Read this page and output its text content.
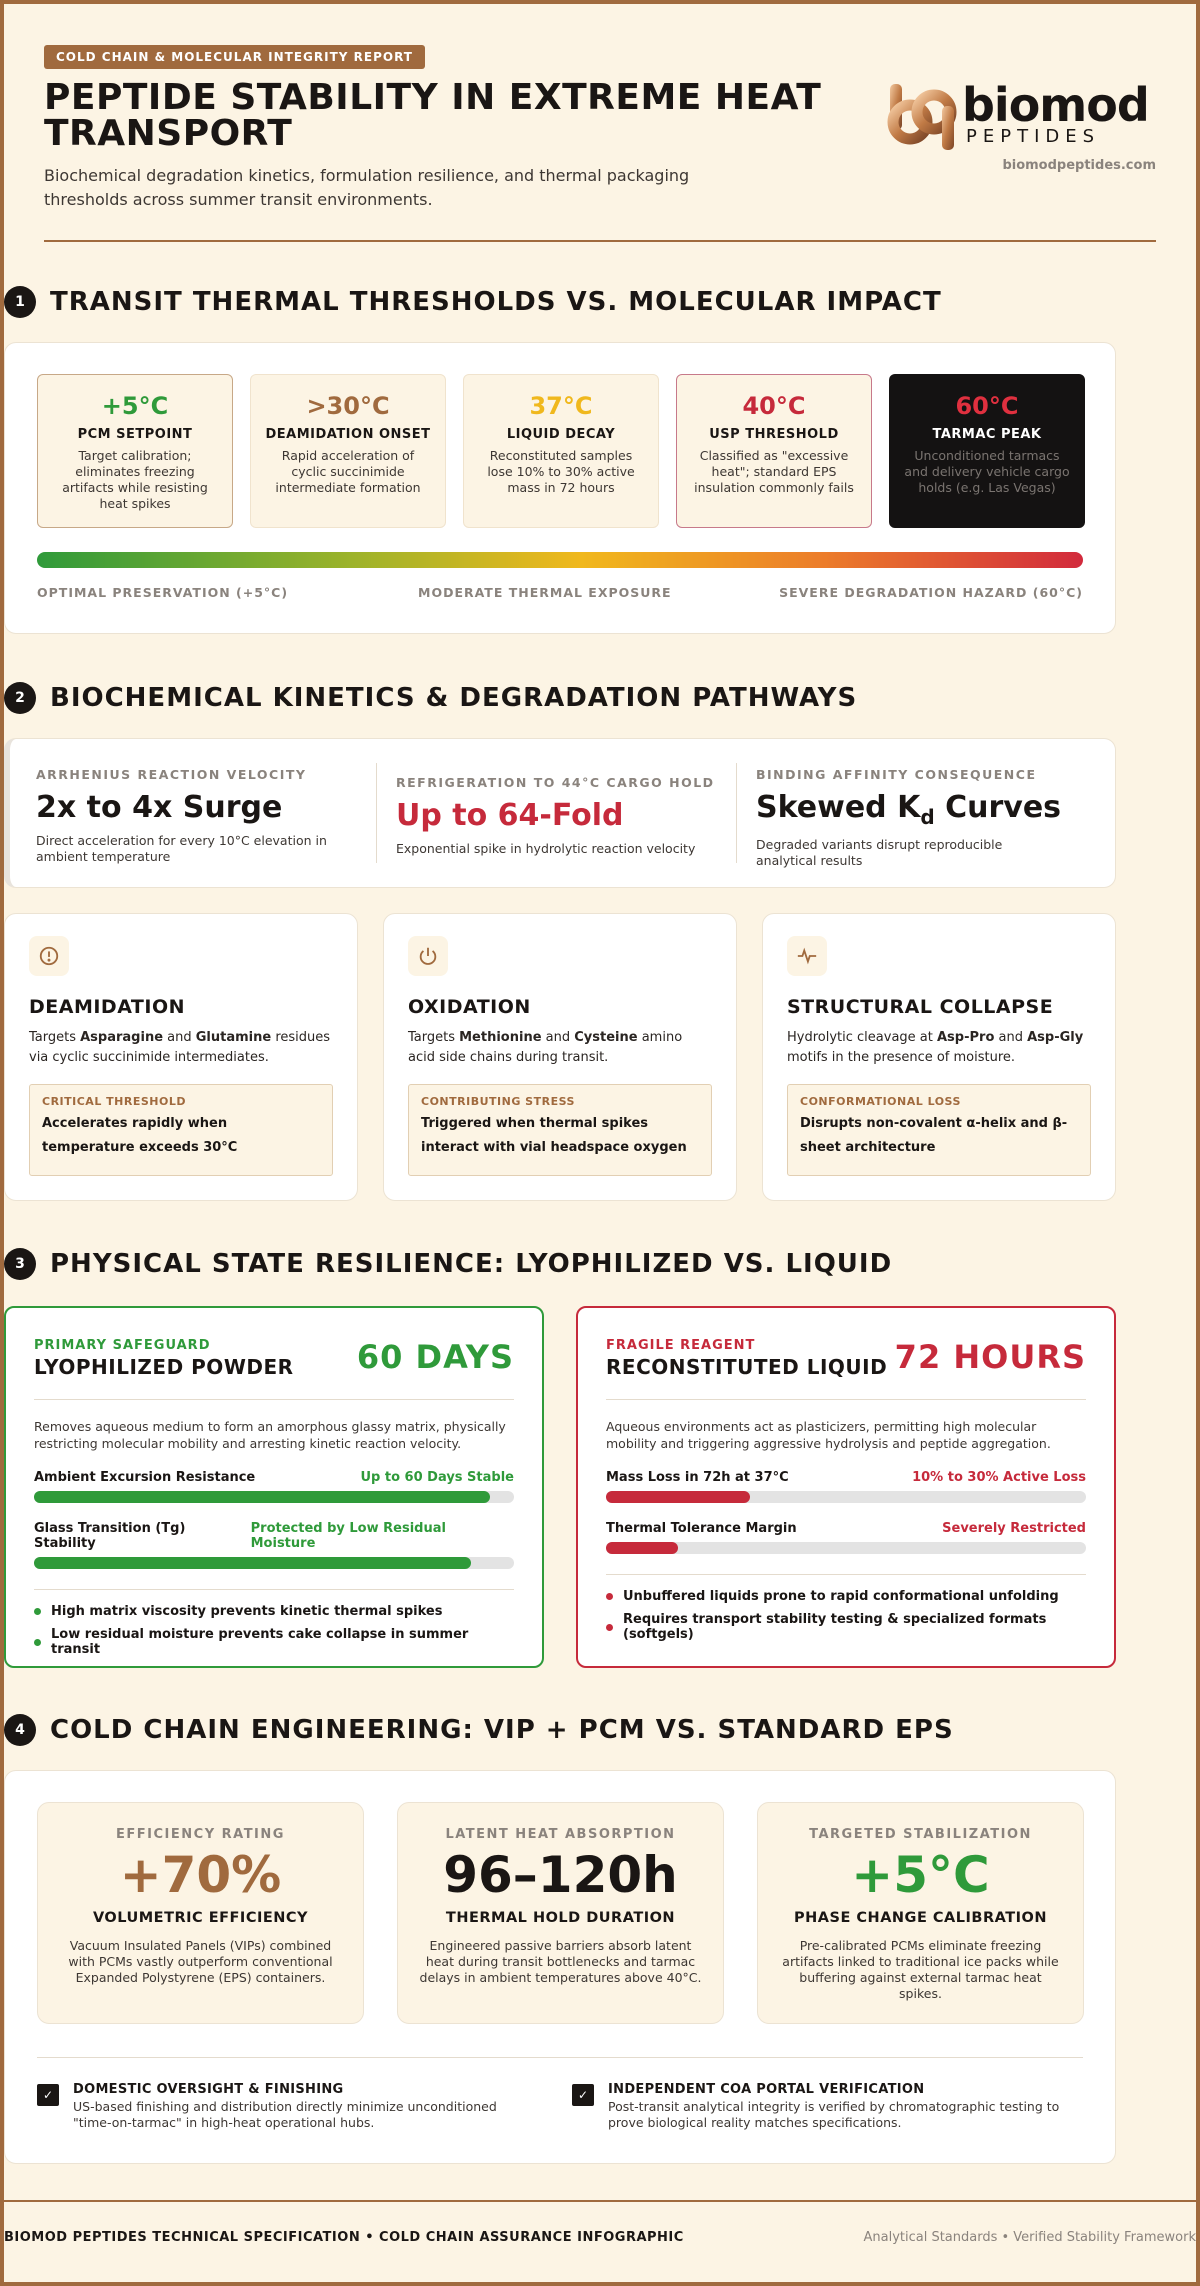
COLD CHAIN & MOLECULAR INTEGRITY REPORT
PEPTIDE STABILITY IN EXTREME HEAT TRANSPORT
Biochemical degradation kinetics, formulation resilience, and thermal packaging thresholds across summer transit environments.
biomod
PEPTIDES
biomodpeptides.com
1 TRANSIT THERMAL THRESHOLDS VS. MOLECULAR IMPACT
+5°C
PCM SETPOINT
Target calibration; eliminates freezing artifacts while resisting heat spikes
>30°C
DEAMIDATION ONSET
Rapid acceleration of cyclic succinimide intermediate formation
37°C
LIQUID DECAY
Reconstituted samples lose 10% to 30% active mass in 72 hours
40°C
USP THRESHOLD
Classified as "excessive heat"; standard EPS insulation commonly fails
60°C
TARMAC PEAK
Unconditioned tarmacs and delivery vehicle cargo holds (e.g. Las Vegas)
OPTIMAL PRESERVATION (+5°C)	MODERATE THERMAL EXPOSURE	SEVERE DEGRADATION HAZARD (60°C)
2 BIOCHEMICAL KINETICS & DEGRADATION PATHWAYS
ARRHENIUS REACTION VELOCITY
2x to 4x Surge
Direct acceleration for every 10°C elevation in ambient temperature
REFRIGERATION TO 44°C CARGO HOLD
Up to 64-Fold
Exponential spike in hydrolytic reaction velocity
BINDING AFFINITY CONSEQUENCE
Skewed $K_d$ Curves
Degraded variants disrupt reproducible analytical results
DEAMIDATION
Targets Asparagine and Glutamine residues via cyclic succinimide intermediates.
CRITICAL THRESHOLD
Accelerates rapidly when temperature exceeds 30°C
OXIDATION
Targets Methionine and Cysteine amino acid side chains during transit.
CONTRIBUTING STRESS
Triggered when thermal spikes interact with vial headspace oxygen
STRUCTURAL COLLAPSE
Hydrolytic cleavage at Asp-Pro and Asp-Gly motifs in the presence of moisture.
CONFORMATIONAL LOSS
Disrupts non-covalent α-helix and β-sheet architecture
3 PHYSICAL STATE RESILIENCE: LYOPHILIZED VS. LIQUID
PRIMARY SAFEGUARD
LYOPHILIZED POWDER	60 DAYS
Removes aqueous medium to form an amorphous glassy matrix, physically restricting molecular mobility and arresting kinetic reaction velocity.
Ambient Excursion Resistance	Up to 60 Days Stable
Glass Transition (Tg) Stability
Protected by Low Residual Moisture
High matrix viscosity prevents kinetic thermal spikes
Low residual moisture prevents cake collapse in summer transit
FRAGILE REAGENT
RECONSTITUTED LIQUID 72 HOURS
Aqueous environments act as plasticizers, permitting high molecular mobility and triggering aggressive hydrolysis and peptide aggregation.
Mass Loss in 72h at 37°C	10% to 30% Active Loss
Thermal Tolerance Margin	Severely Restricted
Unbuffered liquids prone to rapid conformational unfolding
Requires transport stability testing & specialized formats (softgels)
4 COLD CHAIN ENGINEERING: VIP + PCM VS. STANDARD EPS
EFFICIENCY RATING
+70%
VOLUMETRIC EFFICIENCY
Vacuum Insulated Panels (VIPs) combined with PCMs vastly outperform conventional Expanded Polystyrene (EPS) containers.
LATENT HEAT ABSORPTION
96–120h
THERMAL HOLD DURATION
Engineered passive barriers absorb latent heat during transit bottlenecks and tarmac delays in ambient temperatures above 40°C.
TARGETED STABILIZATION
+5°C
PHASE CHANGE CALIBRATION
Pre-calibrated PCMs eliminate freezing artifacts linked to traditional ice packs while buffering against external tarmac heat spikes.
✓	DOMESTIC OVERSIGHT & FINISHING
US-based finishing and distribution directly minimize unconditioned "time-on-tarmac" in high-heat operational hubs.
✓	INDEPENDENT COA PORTAL VERIFICATION
Post-transit analytical integrity is verified by chromatographic testing to prove biological reality matches specifications.
BIOMOD PEPTIDES TECHNICAL SPECIFICATION • COLD CHAIN ASSURANCE INFOGRAPHIC	Analytical Standards • Verified Stability Framework
